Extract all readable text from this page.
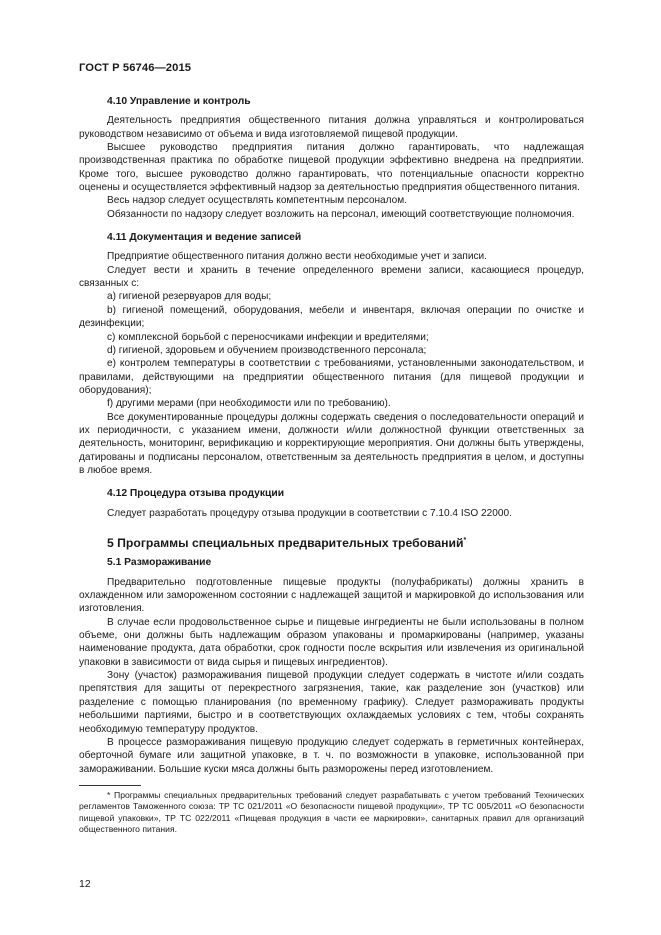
ГОСТ Р 56746—2015
4.10 Управление и контроль

Деятельность предприятия общественного питания должна управляться и контролироваться руководством независимо от объема и вида изготовляемой пищевой продукции.

Высшее руководство предприятия питания должно гарантировать, что надлежащая производственная практика по обработке пищевой продукции эффективно внедрена на предприятии. Кроме того, высшее руководство должно гарантировать, что потенциальные опасности корректно оценены и осуществляется эффективный надзор за деятельностью предприятия общественного питания.

Весь надзор следует осуществлять компетентным персоналом.

Обязанности по надзору следует возложить на персонал, имеющий соответствующие полномочия.

4.11 Документация и ведение записей

Предприятие общественного питания должно вести необходимые учет и записи.

Следует вести и хранить в течение определенного времени записи, касающиеся процедур, связанных с:

a) гигиеной резервуаров для воды;

b) гигиеной помещений, оборудования, мебели и инвентаря, включая операции по очистке и дезинфекции;

c) комплексной борьбой с переносчиками инфекции и вредителями;

d) гигиеной, здоровьем и обучением производственного персонала;

e) контролем температуры в соответствии с требованиями, установленными законодательством, и правилами, действующими на предприятии общественного питания (для пищевой продукции и оборудования);

f) другими мерами (при необходимости или по требованию).

Все документированные процедуры должны содержать сведения о последовательности операций и их периодичности, с указанием имени, должности и/или должностной функции ответственных за деятельность, мониторинг, верификацию и корректирующие мероприятия. Они должны быть утверждены, датированы и подписаны персоналом, ответственным за деятельность предприятия в целом, и доступны в любое время.

4.12 Процедура отзыва продукции

Следует разработать процедуру отзыва продукции в соответствии с 7.10.4 ISO 22000.

5 Программы специальных предварительных требований*
5.1 Размораживание

Предварительно подготовленные пищевые продукты (полуфабрикаты) должны хранить в охлажденном или замороженном состоянии с надлежащей защитой и маркировкой до использования или изготовления.

В случае если продовольственное сырье и пищевые ингредиенты не были использованы в полном объеме, они должны быть надлежащим образом упакованы и промаркированы (например, указаны наименование продукта, дата обработки, срок годности после вскрытия или извлечения из оригинальной упаковки в зависимости от вида сырья и пищевых ингредиентов).

Зону (участок) размораживания пищевой продукции следует содержать в чистоте и/или создать препятствия для защиты от перекрестного загрязнения, такие, как разделение зон (участков) или разделение с помощью планирования (по временному графику). Следует размораживать продукты небольшими партиями, быстро и в соответствующих охлаждаемых условиях с тем, чтобы сохранять необходимую температуру продуктов.

В процессе размораживания пищевую продукцию следует содержать в герметичных контейнерах, оберточной бумаге или защитной упаковке, в т. ч. по возможности в упаковке, использованной при замораживании. Большие куски мяса должны быть разморожены перед изготовлением.

* Программы специальных предварительных требований следует разрабатывать с учетом требований Технических регламентов Таможенного союза: ТР ТС 021/2011 «О безопасности пищевой продукции», ТР ТС 005/2011 «О безопасности пищевой упаковки», ТР ТС 022/2011 «Пищевая продукция в части ее маркировки», санитарных правил для организаций общественного питания.

12
